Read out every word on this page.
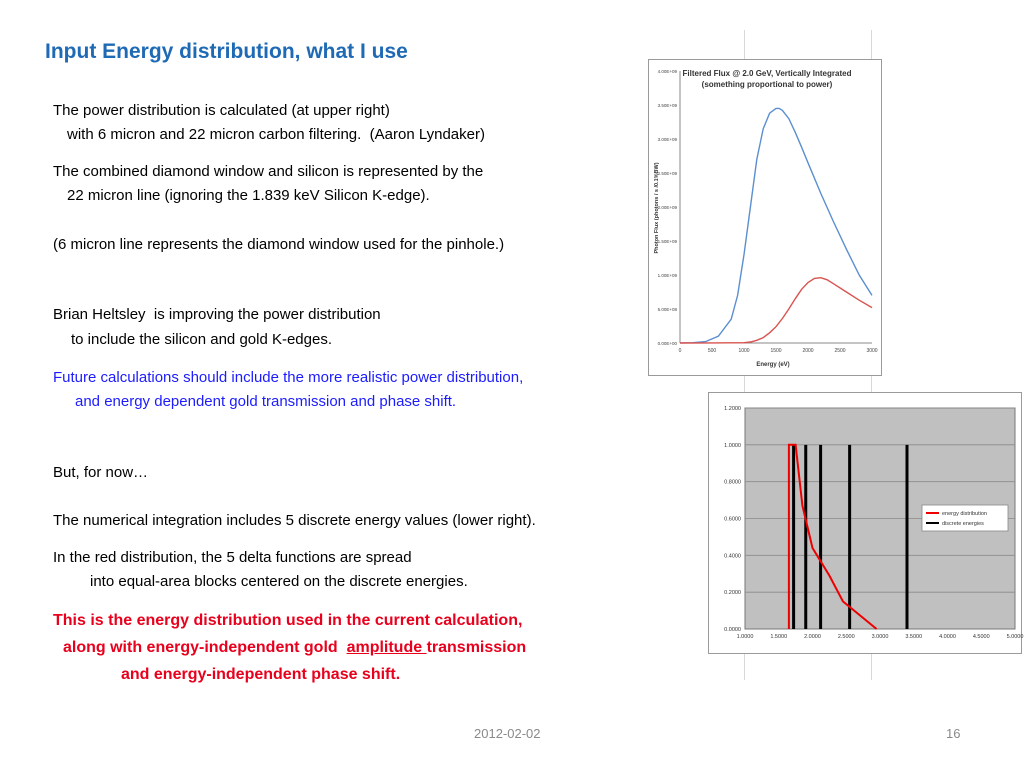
Input Energy distribution, what I use
The power distribution is calculated (at upper right)
with 6 micron and 22 micron carbon filtering.  (Aaron Lyndaker)
The combined diamond window and silicon is represented by the
22 micron line (ignoring the 1.839 keV Silicon K-edge).
(6 micron line represents the diamond window used for the pinhole.)
Brian Heltsley  is improving the power distribution
to include the silicon and gold K-edges.
Future calculations should include the more realistic power distribution,
and energy dependent gold transmission and phase shift.
But, for now…
The numerical integration includes 5 discrete energy values (lower right).
In the red distribution, the 5 delta functions are spread
into equal-area blocks centered on the discrete energies.
This is the energy distribution used in the current calculation,
along with energy-independent gold  amplitude transmission
and energy-independent phase shift.
Filtered Flux @ 2.0 GeV, Vertically Integrated
(something proportional to power)
0.00E+00
5.00E+08
1.00E+09
1.50E+09
2.00E+09
2.50E+09
3.00E+09
3.50E+09
4.00E+09
0	500	1000	1500	2000	2500	3000
Energy (eV)
Photon Flux (photons / s /0.1%BW)
0.0000
0.2000
0.4000
0.6000
0.8000
1.0000
1.2000
1.0000	1.5000	2.0000	2.5000	3.0000	3.5000	4.0000	4.5000	5.0000
energy distribution
discrete energies
2012-02-02	16
